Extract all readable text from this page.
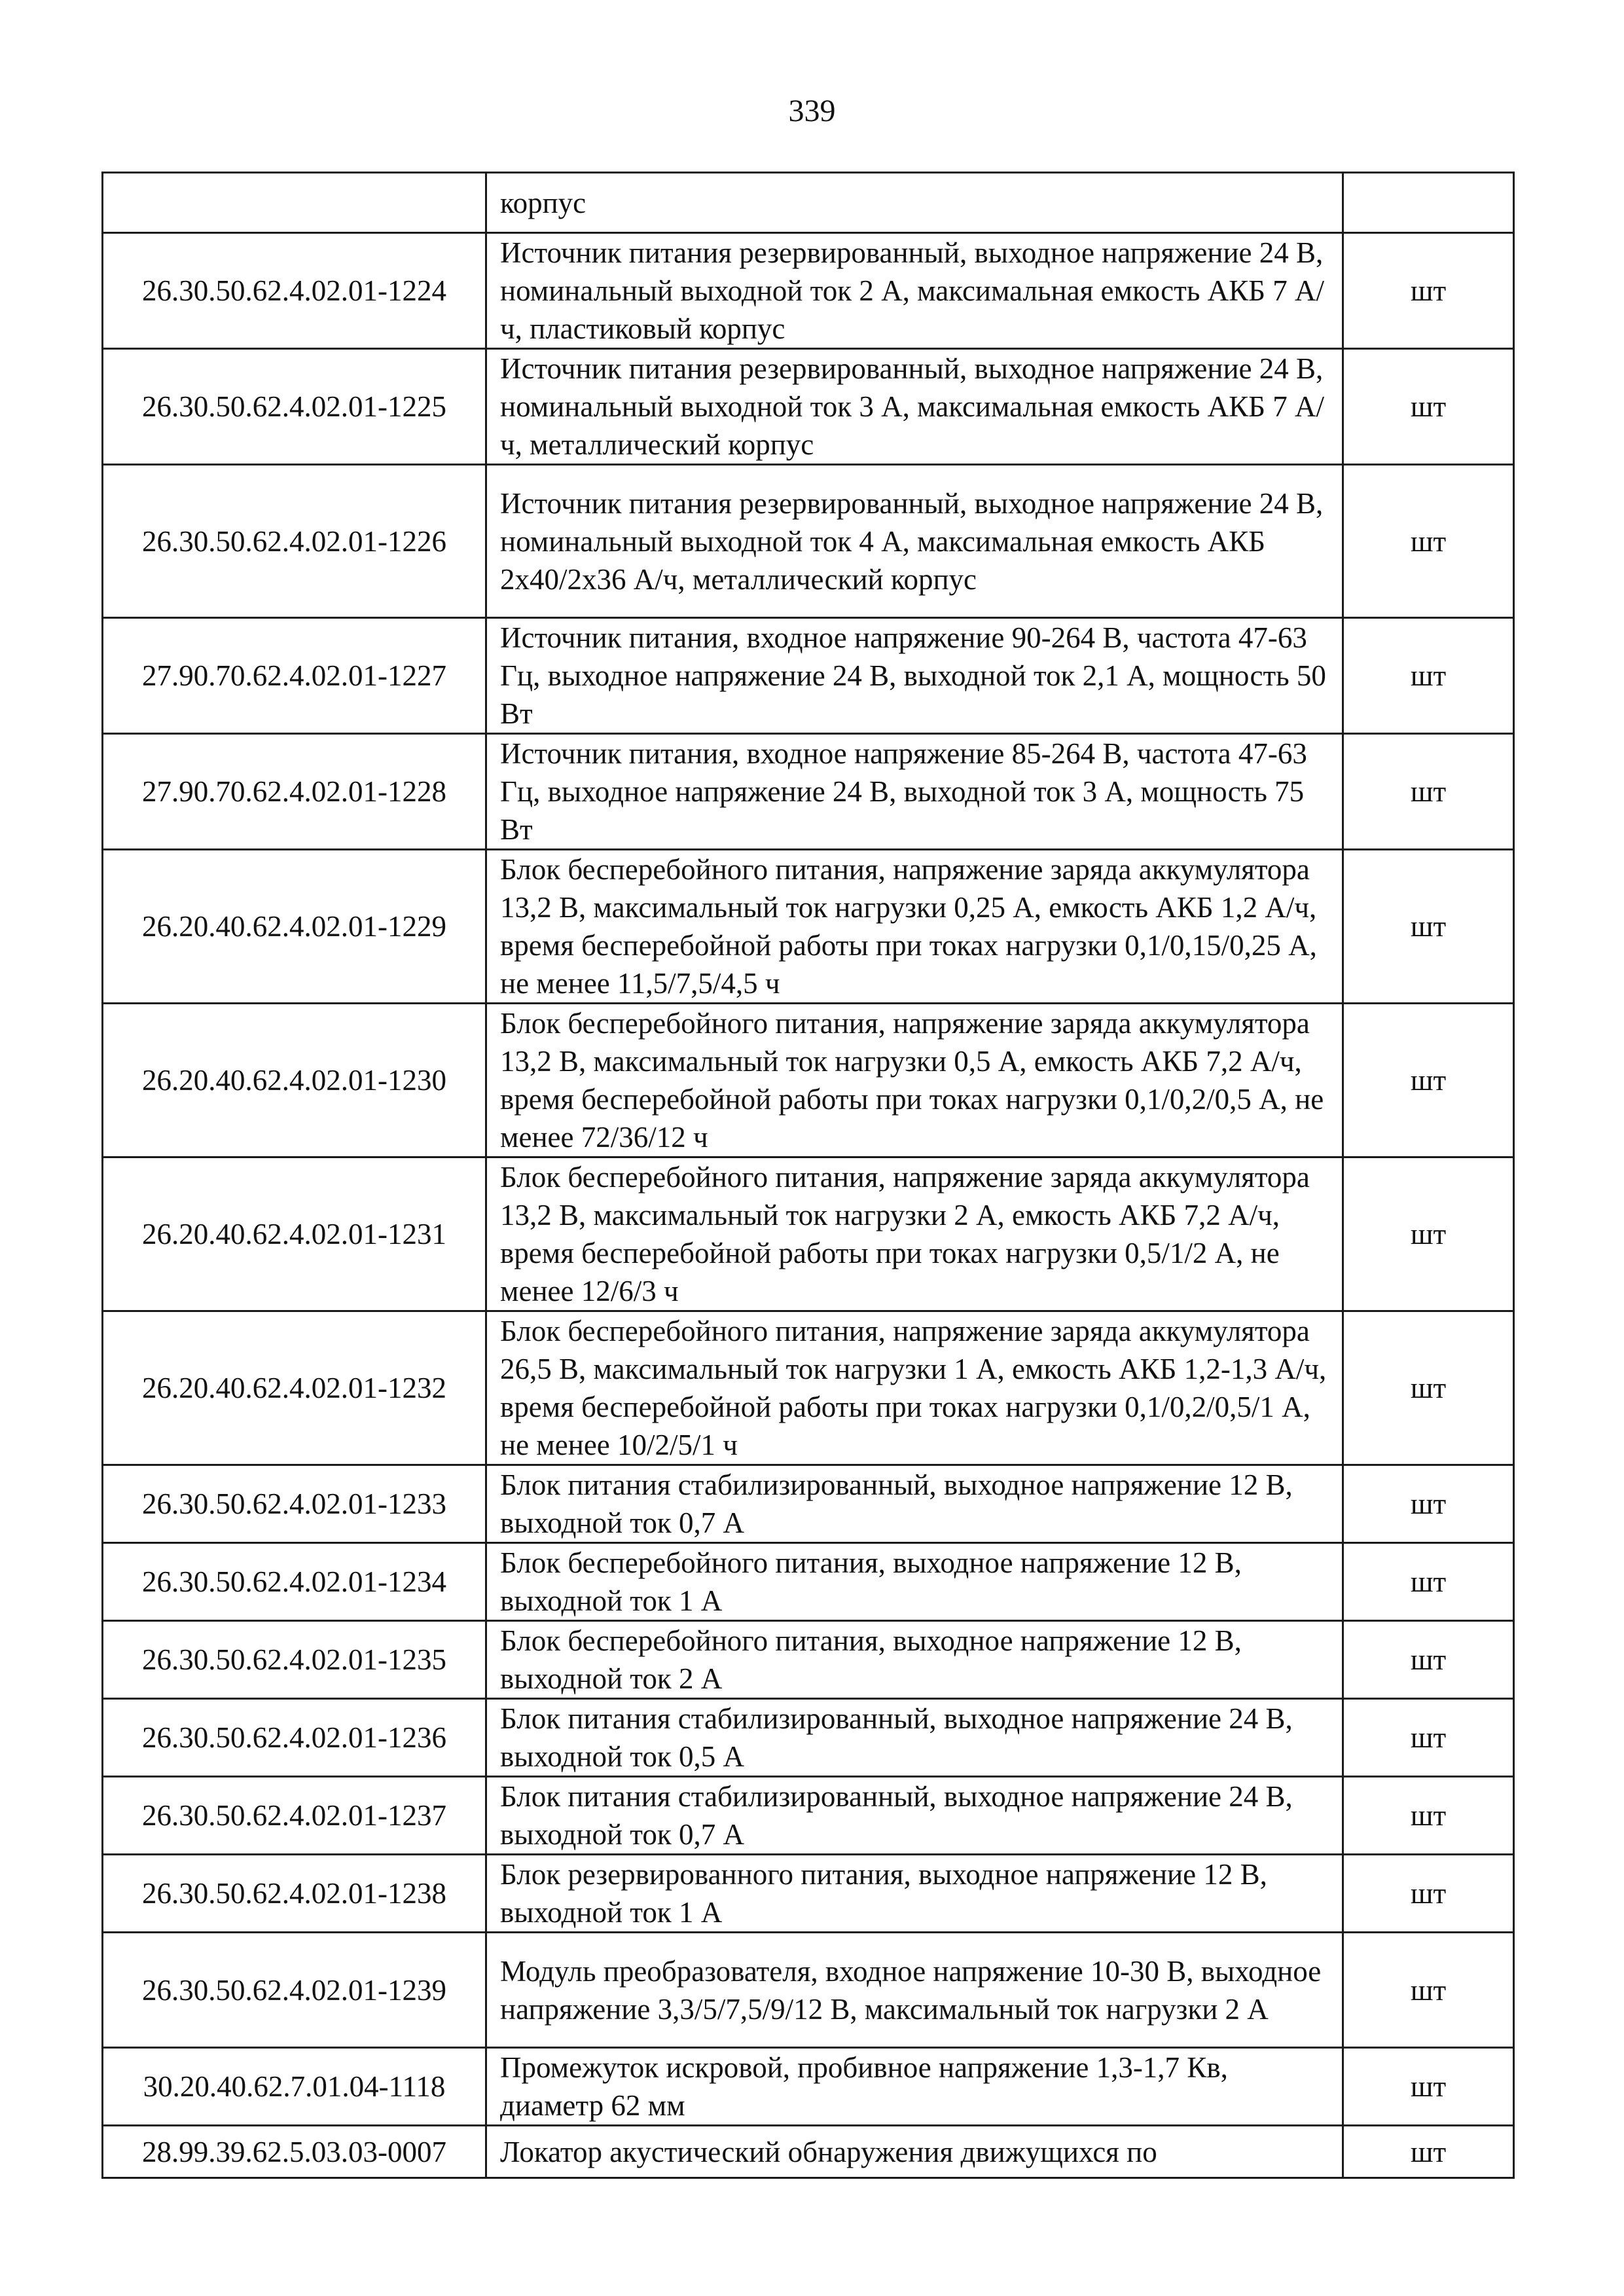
339
	корпус	
26.30.50.62.4.02.01-1224	Источник питания резервированный, выходное напряжение 24 В, номинальный выходной ток 2 А, максимальная емкость АКБ 7 А/ч, пластиковый корпус	шт
26.30.50.62.4.02.01-1225	Источник питания резервированный, выходное напряжение 24 В, номинальный выходной ток 3 А, максимальная емкость АКБ 7 А/ч, металлический корпус	шт
26.30.50.62.4.02.01-1226	Источник питания резервированный, выходное напряжение 24 В, номинальный выходной ток 4 А, максимальная емкость АКБ 2х40/2х36 А/ч, металлический корпус	шт
27.90.70.62.4.02.01-1227	Источник питания, входное напряжение 90-264 В, частота 47-63 Гц, выходное напряжение 24 В, выходной ток 2,1 А, мощность 50 Вт	шт
27.90.70.62.4.02.01-1228	Источник питания, входное напряжение 85-264 В, частота 47-63 Гц, выходное напряжение 24 В, выходной ток 3 А, мощность 75 Вт	шт
26.20.40.62.4.02.01-1229	Блок бесперебойного питания, напряжение заряда аккумулятора 13,2 В, максимальный ток нагрузки 0,25 А, емкость АКБ 1,2 А/ч, время бесперебойной работы при токах нагрузки 0,1/0,15/0,25 А, не менее 11,5/7,5/4,5 ч	шт
26.20.40.62.4.02.01-1230	Блок бесперебойного питания, напряжение заряда аккумулятора 13,2 В, максимальный ток нагрузки 0,5 А, емкость АКБ 7,2 А/ч, время бесперебойной работы при токах нагрузки 0,1/0,2/0,5 А, не менее 72/36/12 ч	шт
26.20.40.62.4.02.01-1231	Блок бесперебойного питания, напряжение заряда аккумулятора 13,2 В, максимальный ток нагрузки 2 А, емкость АКБ 7,2 А/ч, время бесперебойной работы при токах нагрузки 0,5/1/2 А, не менее 12/6/3 ч	шт
26.20.40.62.4.02.01-1232	Блок бесперебойного питания, напряжение заряда аккумулятора 26,5 В, максимальный ток нагрузки 1 А, емкость АКБ 1,2-1,3 А/ч, время бесперебойной работы при токах нагрузки 0,1/0,2/0,5/1 А, не менее 10/2/5/1 ч	шт
26.30.50.62.4.02.01-1233	Блок питания стабилизированный, выходное напряжение 12 В, выходной ток 0,7 А	шт
26.30.50.62.4.02.01-1234	Блок бесперебойного питания, выходное напряжение 12 В, выходной ток 1 А	шт
26.30.50.62.4.02.01-1235	Блок бесперебойного питания, выходное напряжение 12 В, выходной ток 2 А	шт
26.30.50.62.4.02.01-1236	Блок питания стабилизированный, выходное напряжение 24 В, выходной ток 0,5 А	шт
26.30.50.62.4.02.01-1237	Блок питания стабилизированный, выходное напряжение 24 В, выходной ток 0,7 А	шт
26.30.50.62.4.02.01-1238	Блок резервированного питания, выходное напряжение 12 В, выходной ток 1 А	шт
26.30.50.62.4.02.01-1239	Модуль преобразователя, входное напряжение 10-30 В, выходное напряжение 3,3/5/7,5/9/12 В, максимальный ток нагрузки 2 А	шт
30.20.40.62.7.01.04-1118	Промежуток искровой, пробивное напряжение 1,3-1,7 Кв, диаметр 62 мм	шт
28.99.39.62.5.03.03-0007	Локатор акустический обнаружения движущихся по	шт
